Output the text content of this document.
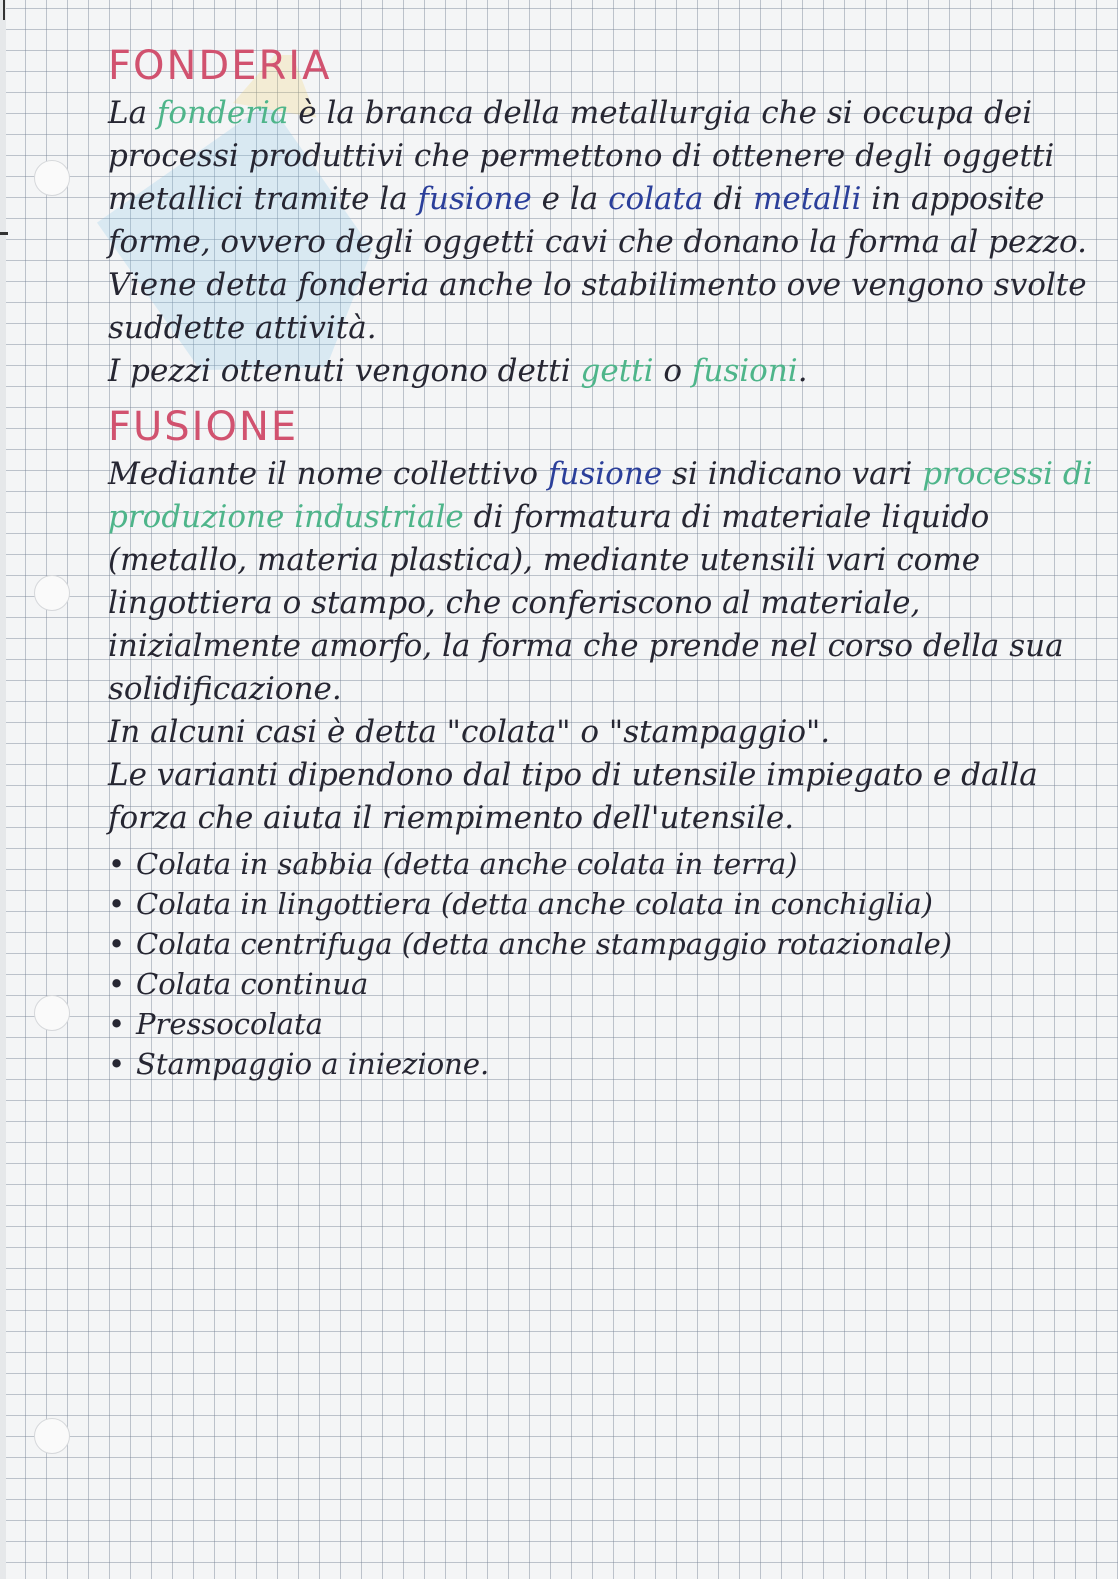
FONDERIA

La fonderia è la branca della metallurgia che si occupa dei processi produttivi che permettono di ottenere degli oggetti metallici tramite la fusione e la colata di metalli in apposite forme, ovvero degli oggetti cavi che donano la forma al pezzo.

Viene detta fonderia anche lo stabilimento ove vengono svolte suddette attività.

I pezzi ottenuti vengono detti getti o fusioni.

FUSIONE

Mediante il nome collettivo fusione si indicano vari processi di produzione industriale di formatura di materiale liquido (metallo, materia plastica), mediante utensili vari come lingottiera o stampo, che conferiscono al materiale, inizialmente amorfo, la forma che prende nel corso della sua solidificazione.

In alcuni casi è detta "colata" o "stampaggio".

Le varianti dipendono dal tipo di utensile impiegato e dalla forza che aiuta il riempimento dell'utensile.

• Colata in sabbia (detta anche colata in terra)
• Colata in lingottiera (detta anche colata in conchiglia)
• Colata centrifuga (detta anche stampaggio rotazionale)
• Colata continua
• Pressocolata
• Stampaggio a iniezione.
